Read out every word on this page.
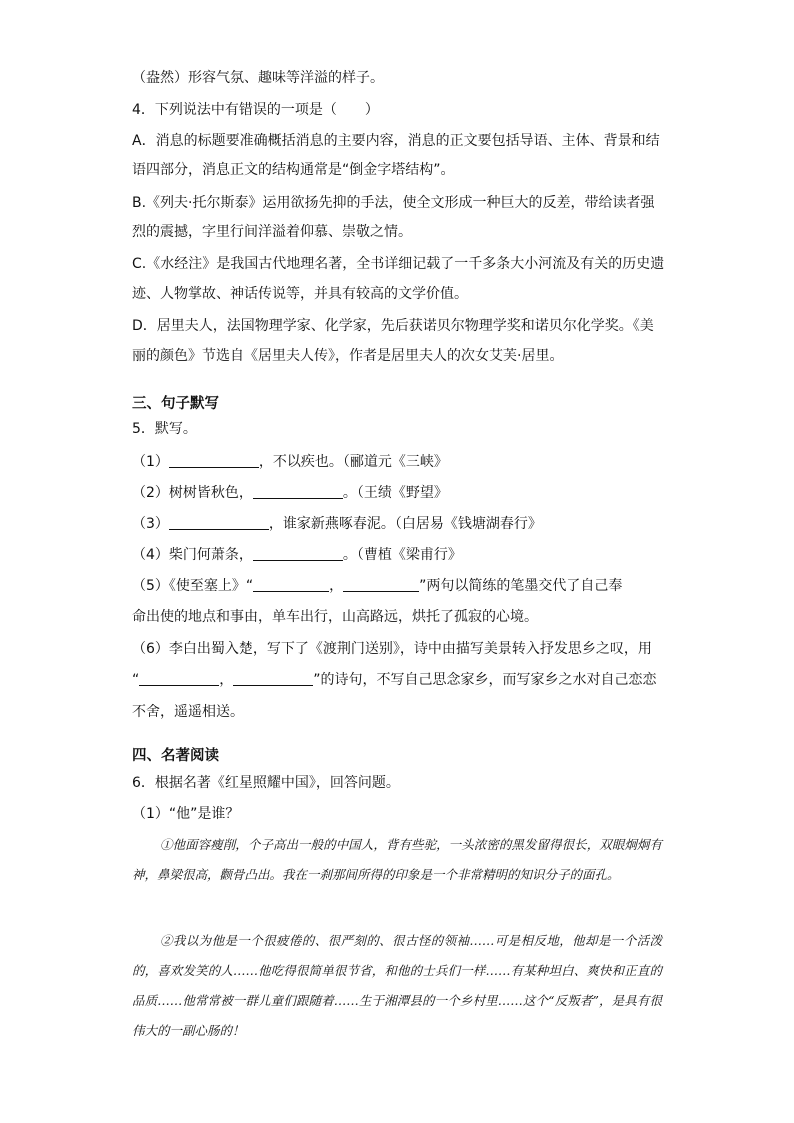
（盎然）形容气氛、趣味等洋溢的样子。
4．下列说法中有错误的一项是（　　）
A．消息的标题要准确概括消息的主要内容，消息的正文要包括导语、主体、背景和结
语四部分，消息正文的结构通常是“倒金字塔结构”。
B.《列夫·托尔斯泰》运用欲扬先抑的手法，使全文形成一种巨大的反差，带给读者强
烈的震撼，字里行间洋溢着仰慕、崇敬之情。
C.《水经注》是我国古代地理名著，全书详细记载了一千多条大小河流及有关的历史遗
迹、人物掌故、神话传说等，并具有较高的文学价值。
D．居里夫人，法国物理学家、化学家，先后获诺贝尔物理学奖和诺贝尔化学奖。《美
丽的颜色》节选自《居里夫人传》，作者是居里夫人的次女艾芙·居里。
三、句子默写
5．默写。
（1）	，不以疾也。（郦道元《三峡》
（2）树树皆秋色，	。（王绩《野望》
（3）	，谁家新燕啄春泥。（白居易《钱塘湖春行》
（4）柴门何萧条，	。（曹植《梁甫行》
（5）《使至塞上》“	，	”两句以简练的笔墨交代了自己奉
命出使的地点和事由，单车出行，山高路远，烘托了孤寂的心境。
（6）李白出蜀入楚，写下了《渡荆门送别》，诗中由描写美景转入抒发思乡之叹，用
“	，	”的诗句，不写自己思念家乡，而写家乡之水对自己恋恋
不舍，遥遥相送。
四、名著阅读
6．根据名著《红星照耀中国》，回答问题。
（1）“他”是谁？
①他面容瘦削，个子高出一般的中国人，背有些驼，一头浓密的黑发留得很长，双眼炯炯有神，鼻梁很高，颧骨凸出。我在一刹那间所得的印象是一个非常精明的知识分子的面孔。
②我以为他是一个很疲倦的、很严刻的、很古怪的领袖……可是相反地，他却是一个活泼的，喜欢发笑的人……他吃得很简单很节省，和他的士兵们一样……有某种坦白、爽快和正直的品质……他常常被一群儿童们跟随着……生于湘潭县的一个乡村里……这个“反叛者”，是具有很伟大的一副心肠的！
